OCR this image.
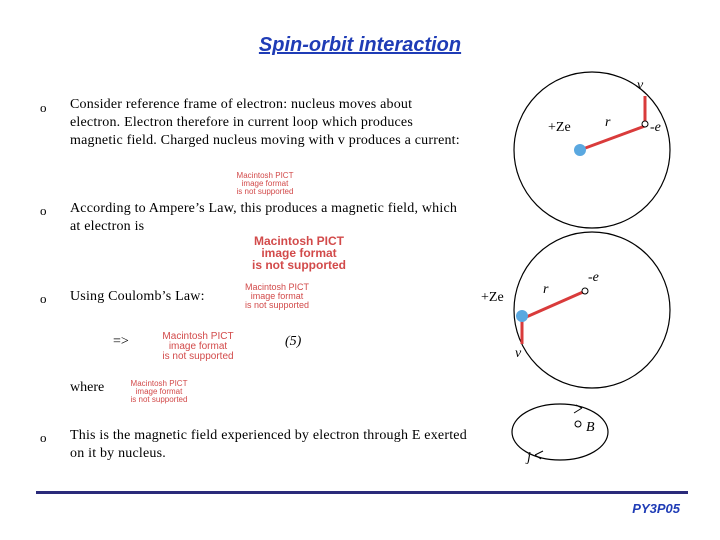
Spin-orbit interaction
o Consider reference frame of electron: nucleus moves about electron. Electron therefore in current loop which produces magnetic field. Charged nucleus moving with v produces a current:
Macintosh PICT
image format
is not supported
o According to Ampere’s Law, this produces a magnetic field, which at electron is
Macintosh PICT
image format
is not supported
o Using Coulomb’s Law:
Macintosh PICT
image format
is not supported
=>	Macintosh PICT
image format
is not supported
(5)
where	Macintosh PICT
image format
is not supported
o This is the magnetic field experienced by electron through E exerted on it by nucleus.
v
r
+Ze	-e
-e
r
+Ze
v
B
j
PY3P05
